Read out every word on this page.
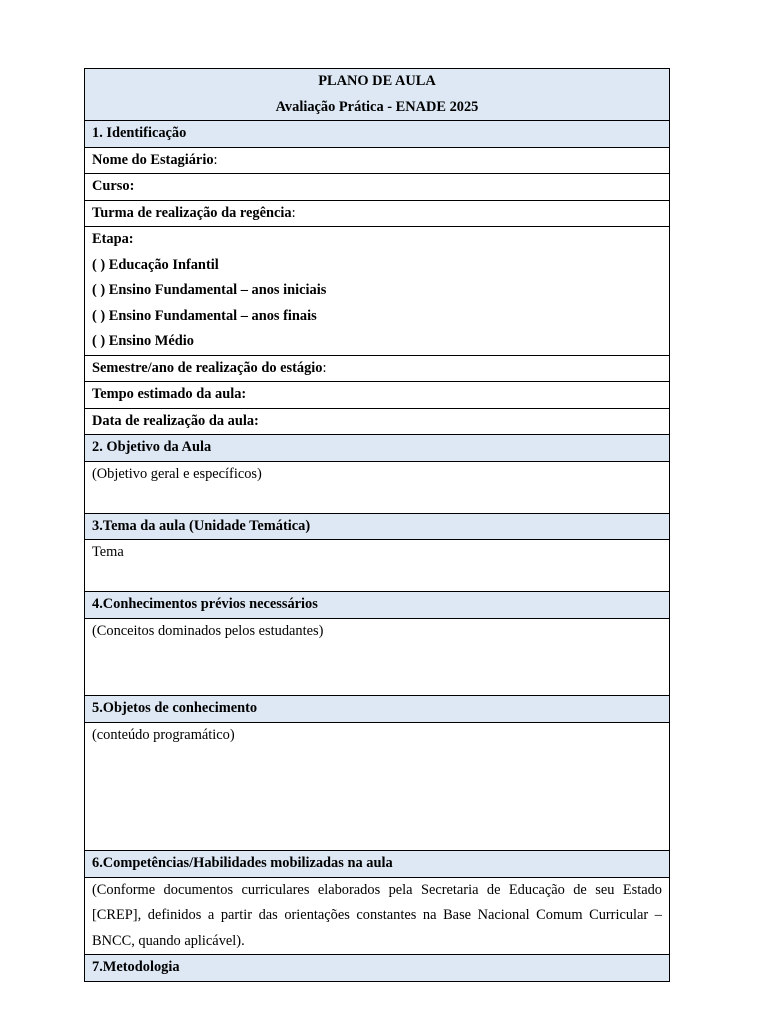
PLANO DE AULA
Avaliação Prática - ENADE 2025

1. Identificação

Nome do Estagiário:

Curso:

Turma de realização da regência:

Etapa:
( ) Educação Infantil
( ) Ensino Fundamental – anos iniciais
( ) Ensino Fundamental – anos finais
( ) Ensino Médio

Semestre/ano de realização do estágio:

Tempo estimado da aula:

Data de realização da aula:

2. Objetivo da Aula

(Objetivo geral e específicos)

3.Tema da aula (Unidade Temática)

Tema

4.Conhecimentos prévios necessários

(Conceitos dominados pelos estudantes)

5.Objetos de conhecimento

(conteúdo programático)

6.Competências/Habilidades mobilizadas na aula

(Conforme documentos curriculares elaborados pela Secretaria de Educação de seu Estado [CREP], definidos a partir das orientações constantes na Base Nacional Comum Curricular – BNCC, quando aplicável).

7.Metodologia
